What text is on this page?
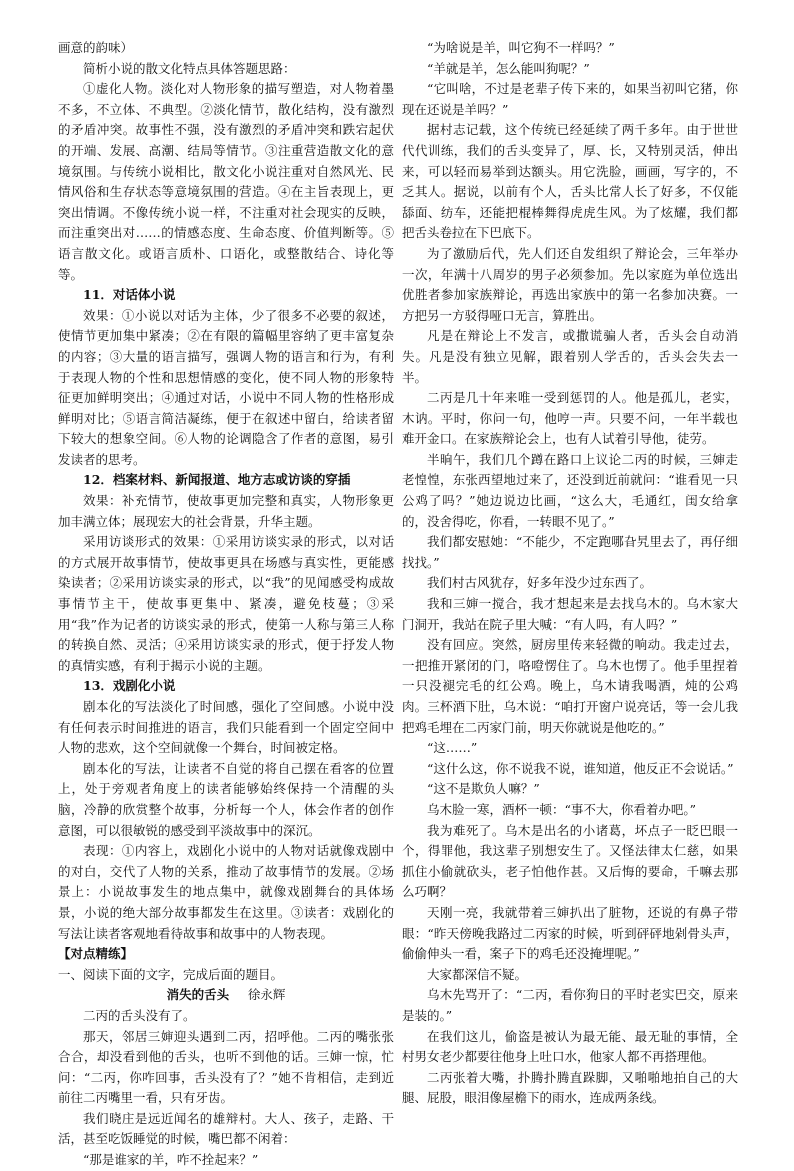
画意的韵味）

简析小说的散文化特点具体答题思路：

①虚化人物。淡化对人物形象的描写塑造，对人物着墨不多，不立体、不典型。②淡化情节，散化结构，没有激烈的矛盾冲突。故事性不强，没有激烈的矛盾冲突和跌宕起伏的开端、发展、高潮、结局等情节。③注重营造散文化的意境氛围。与传统小说相比，散文化小说注重对自然风光、民情风俗和生存状态等意境氛围的营造。④在主旨表现上，更突出情调。不像传统小说一样，不注重对社会现实的反映，而注重突出对……的情感态度、生命态度、价值判断等。⑤语言散文化。或语言质朴、口语化，或整散结合、诗化等等。

11．对话体小说

效果：①小说以对话为主体，少了很多不必要的叙述，使情节更加集中紧凑；②在有限的篇幅里容纳了更丰富复杂的内容；③大量的语言描写，强调人物的语言和行为，有利于表现人物的个性和思想情感的变化，使不同人物的形象特征更加鲜明突出；④通过对话，小说中不同人物的性格形成鲜明对比；⑤语言简洁凝练，便于在叙述中留白，给读者留下较大的想象空间。⑥人物的论调隐含了作者的意图，易引发读者的思考。

12．档案材料、新闻报道、地方志或访谈的穿插

效果：补充情节，使故事更加完整和真实，人物形象更加丰满立体；展现宏大的社会背景，升华主题。

采用访谈形式的效果：①采用访谈实录的形式，以对话的方式展开故事情节，使故事更具在场感与真实性，更能感染读者；②采用访谈实录的形式，以“我”的见闻感受构成故事情节主干，使故事更集中、紧凑，避免枝蔓；③采用“我”作为记者的访谈实录的形式，使第一人称与第三人称的转换自然、灵活；④采用访谈实录的形式，便于抒发人物的真情实感，有利于揭示小说的主题。

13．戏剧化小说

剧本化的写法淡化了时间感，强化了空间感。小说中没有任何表示时间推进的语言，我们只能看到一个固定空间中人物的悲欢，这个空间就像一个舞台，时间被定格。

剧本化的写法，让读者不自觉的将自己摆在看客的位置上，处于旁观者角度上的读者能够始终保持一个清醒的头脑，冷静的欣赏整个故事，分析每一个人，体会作者的创作意图，可以很敏锐的感受到平淡故事中的深沉。

表现：①内容上，戏剧化小说中的人物对话就像戏剧中的对白，交代了人物的关系，推动了故事情节的发展。②场景上：小说故事发生的地点集中，就像戏剧舞台的具体场景，小说的绝大部分故事都发生在这里。③读者：戏剧化的写法让读者客观地看待故事和故事中的人物表现。

【对点精练】

一、阅读下面的文字，完成后面的题目。

消失的舌头 徐永辉

二丙的舌头没有了。

那天，邻居三婶迎头遇到二丙，招呼他。二丙的嘴张张合合，却没看到他的舌头，也听不到他的话。三婶一惊，忙问：“二丙，你咋回事，舌头没有了？”她不肯相信，走到近前往二丙嘴里一看，只有牙齿。

我们晓庄是远近闻名的雄辩村。大人、孩子，走路、干活，甚至吃饭睡觉的时候，嘴巴都不闲着：

“那是谁家的羊，咋不拴起来？”

“为啥说是羊，叫它狗不一样吗？”

“羊就是羊，怎么能叫狗呢？”

“它叫啥，不过是老辈子传下来的，如果当初叫它猪，你现在还说是羊吗？”

据村志记载，这个传统已经延续了两千多年。由于世世代代训练，我们的舌头变异了，厚、长，又特别灵活，伸出来，可以轻而易举到达额头。用它洗脸，画画，写字的，不乏其人。据说，以前有个人，舌头比常人长了好多，不仅能舔面、纺车，还能把棍棒舞得虎虎生风。为了炫耀，我们都把舌头卷拉在下巴底下。

为了激励后代，先人们还自发组织了辩论会，三年举办一次，年满十八周岁的男子必须参加。先以家庭为单位选出优胜者参加家族辩论，再选出家族中的第一名参加决赛。一方把另一方驳得哑口无言，算胜出。

凡是在辩论上不发言，或撒谎骗人者，舌头会自动消失。凡是没有独立见解，跟着别人学舌的，舌头会失去一半。

二丙是几十年来唯一受到惩罚的人。他是孤儿，老实，木讷。平时，你问一句，他哼一声。只要不问，一年半载也难开金口。在家族辩论会上，也有人试着引导他，徒劳。

半晌午，我们几个蹲在路口上议论二丙的时候，三婶走老惶惶，东张西望地过来了，还没到近前就问：“谁看见一只公鸡了吗？”她边说边比画，“这么大，毛通红，闺女给拿的，没舍得吃，你看，一转眼不见了。”

我们都安慰她：“不能少，不定跑哪旮旯里去了，再仔细找找。”

我们村古风犹存，好多年没少过东西了。

我和三婶一搅合，我才想起来是去找乌木的。乌木家大门洞开，我站在院子里大喊：“有人吗，有人吗？”

没有回应。突然，厨房里传来轻微的响动。我走过去，一把推开紧闭的门，咯噔愣住了。乌木也愣了。他手里捏着一只没褪完毛的红公鸡。晚上，乌木请我喝酒，炖的公鸡肉。三杯酒下肚，乌木说：“咱打开窗户说亮话，等一会儿我把鸡毛埋在二丙家门前，明天你就说是他吃的。”

“这……”

“这什么这，你不说我不说，谁知道，他反正不会说话。”

“这不是欺负人嘛？”

乌木脸一寒，酒杯一顿：“事不大，你看着办吧。”

我为难死了。乌木是出名的小诸葛，坏点子一眨巴眼一个，得罪他，我这辈子别想安生了。又怪法律太仁慈，如果抓住小偷就砍头，老子怕他作甚。又后悔的要命，千嘛去那么巧啊？

天刚一亮，我就带着三婶扒出了脏物，还说的有鼻子带眼：“昨天傍晚我路过二丙家的时候，听到砰砰地剁骨头声，偷偷伸头一看，案子下的鸡毛还没掩埋呢。”

大家都深信不疑。

乌木先骂开了：“二丙，看你狗日的平时老实巴交，原来是装的。”

在我们这儿，偷盗是被认为最无能、最无耻的事情，全村男女老少都要往他身上吐口水，他家人都不再搭理他。

二丙张着大嘴，扑腾扑腾直跺脚，又啪啪地拍自己的大腿、屁股，眼泪像屋檐下的雨水，连成两条线。
